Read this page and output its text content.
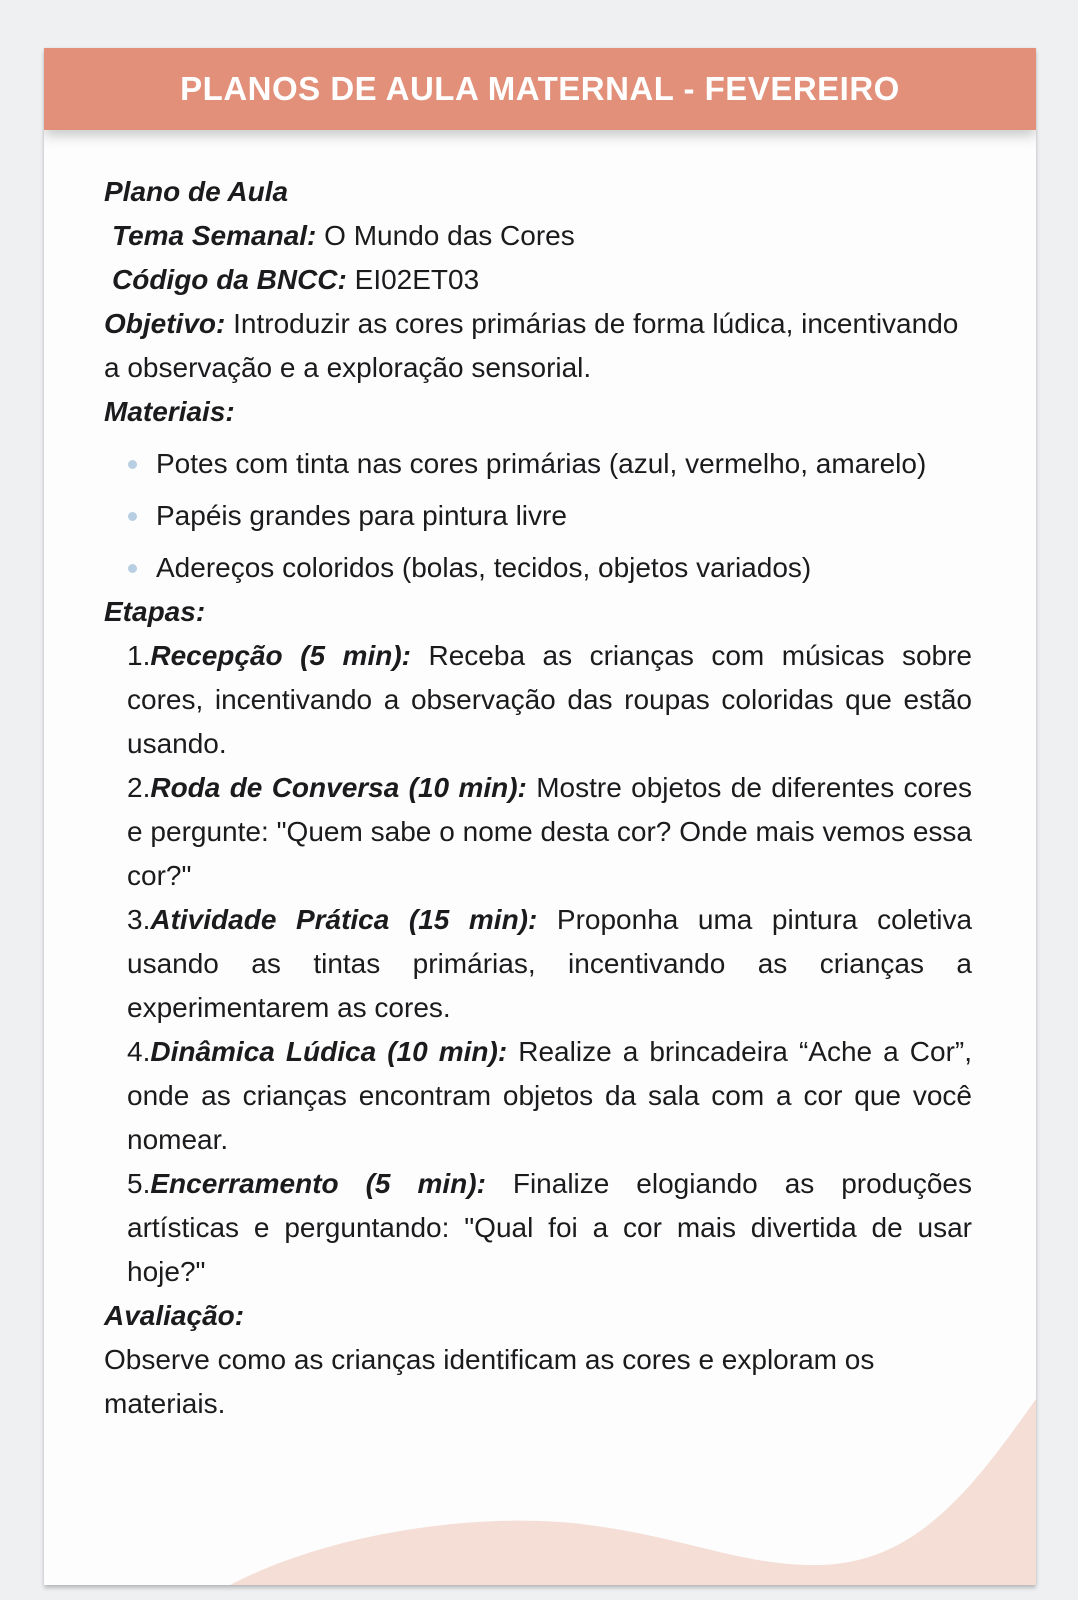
PLANOS DE AULA MATERNAL - FEVEREIRO
Plano de Aula
Tema Semanal: O Mundo das Cores
Código da BNCC: EI02ET03
Objetivo: Introduzir as cores primárias de forma lúdica, incentivando a observação e a exploração sensorial.
Materiais:
Potes com tinta nas cores primárias (azul, vermelho, amarelo)
Papéis grandes para pintura livre
Adereços coloridos (bolas, tecidos, objetos variados)
Etapas:

1.Recepção (5 min): Receba as crianças com músicas sobre cores, incentivando a observação das roupas coloridas que estão usando.

2.Roda de Conversa (10 min): Mostre objetos de diferentes cores e pergunte: "Quem sabe o nome desta cor? Onde mais vemos essa cor?"

3.Atividade Prática (15 min): Proponha uma pintura coletiva usando as tintas primárias, incentivando as crianças a experimentarem as cores.

4.Dinâmica Lúdica (10 min): Realize a brincadeira “Ache a Cor”, onde as crianças encontram objetos da sala com a cor que você nomear.

5.Encerramento (5 min): Finalize elogiando as produções artísticas e perguntando: "Qual foi a cor mais divertida de usar hoje?"

Avaliação:
Observe como as crianças identificam as cores e exploram os materiais.
